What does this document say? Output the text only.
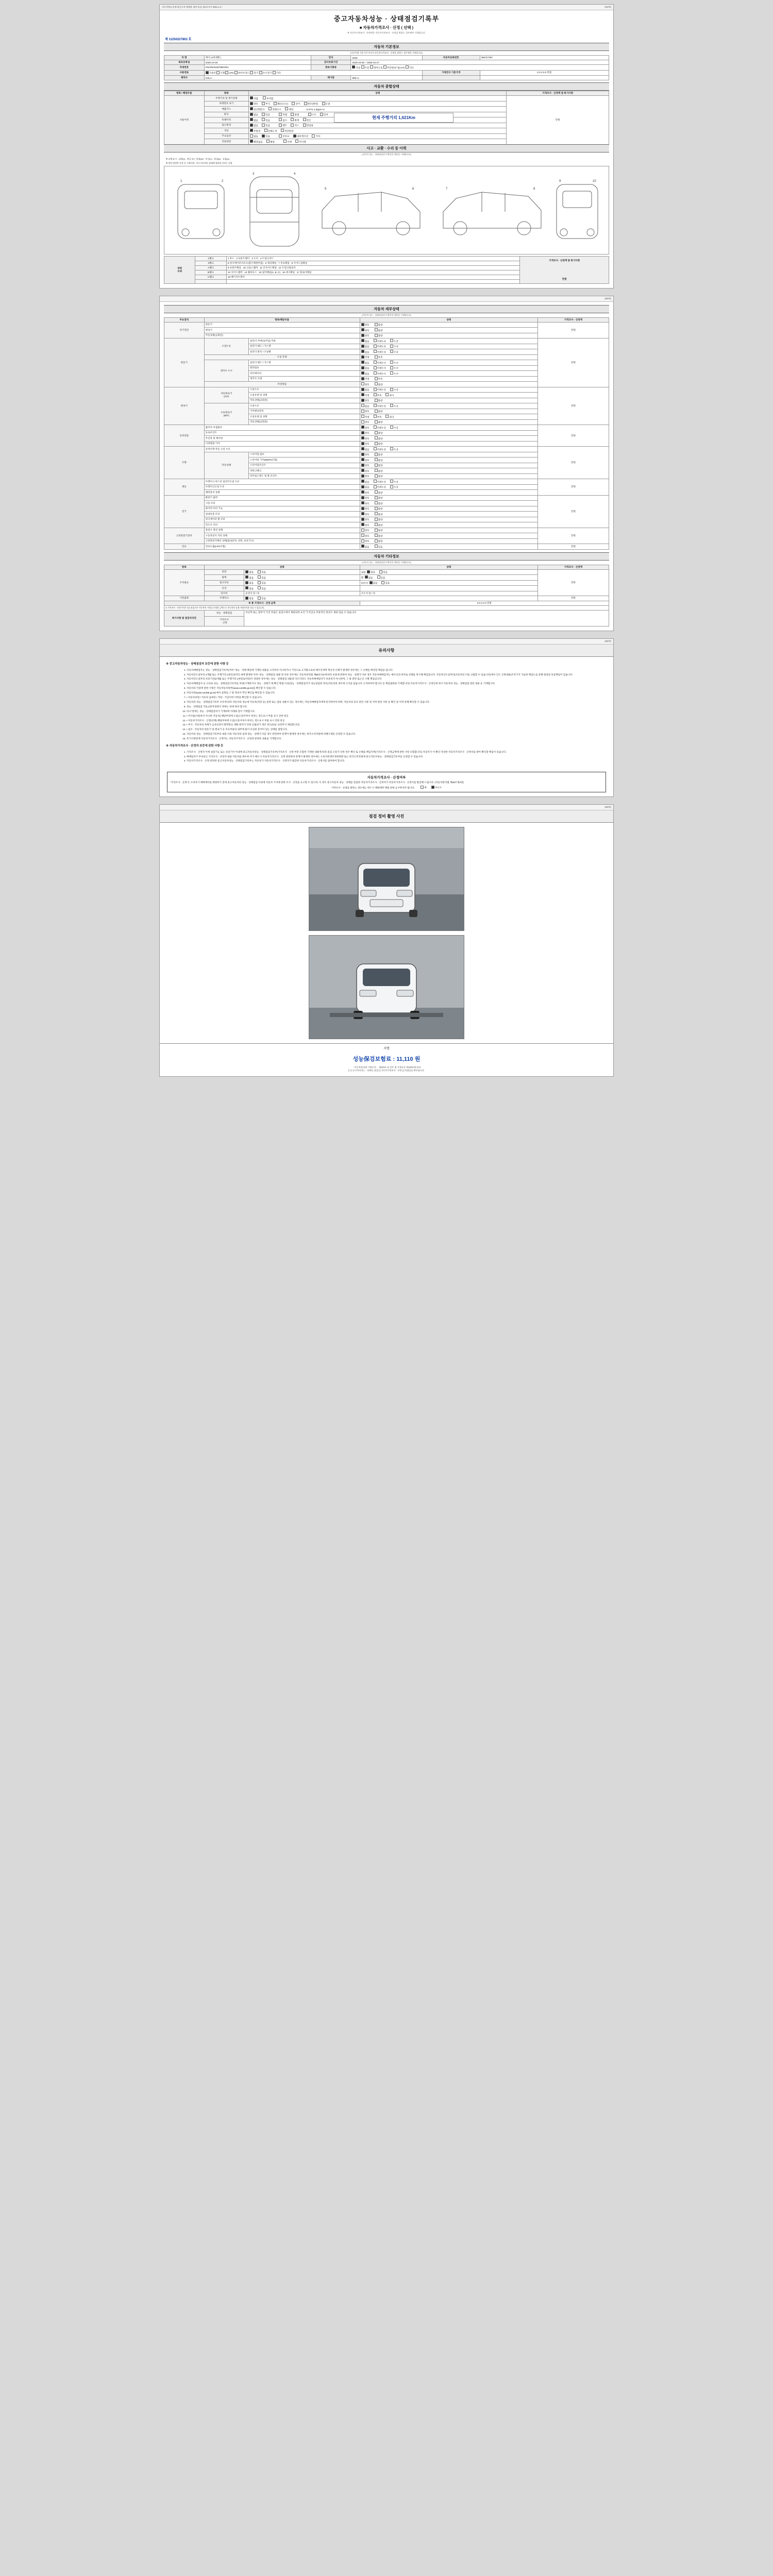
자동차양도증명서(중고차 매매용 첨부서류) 제1호서식 2021.1.1~	(1/4쪽)
중고자동차성능 · 상태점검기록부
■ 자동차가격조사 · 산정 ( 선택 )
※ 자동차가격조사 · 산정액은 자동차가격조사 · 산정을 원하는 경우에만 기재합니다.
제 11250227803 호
자동차 기본정보
(자동차법 가종가격 부속의 자동차가격조사 · 산정을 원하는 경우에만 기재합니다)
차 명	레이 (4세대밴 )	연식	2026	자동차등록번호	365로7397
최초등록일	2025-10-28	검사유효기간	2025-10-28 ~ 2030-10-27		
차대번호	KNADK611BT9E0291	변속기종류	자동 수동 세미오토 무단변속기(CVT) 기타		
사용연료	가솔린 디젤 LPG 하이브리드 전기 수소전기 기타			기재연식 기준가격	0 0 0 0 0 만원
제작사	GSLA	배기량	998 cc		
자동차 종합상태
항목 / 해당부품	항목	상태	가격조사 · 산정액 및 특기사항
사용이력	주행거리 및 계기상태	적합 부적합	만원
	차대번호 표기	양호 부식 훼손(오손) 상이 변조(변타) 도말	
	배출가스	일산화탄소 탄화수소 매연 0.07% 1.0ppm %	
	튜닝	없음 있음 적법 불법 구조 장치	
	특별이력	없음 있음 침수 화재 전손	
	용도변경	없음 있음 렌트 리스 영업용	
	색상	무변경 전체도색 색상변경	
	주요옵션	없음 있음 선루프 내비게이션 기타	
	리콜대상	해당없음 해당 이행 미이행	
현재 주행거리 1,621Km
사고 · 교환 · 수리 등 이력
(자동차 성능 · 상태점검자가 확인한 내용을 기재합니다)
※ 교체 표시 : 교환(X) · 판금 또는 용접(W) · 부식(C) · 흠집(A) · 요철(U)
※ 하단 단면부 손상 등 기재사항, 기타 자동차의 상태에 영향을 미치는 사항
1	2
3	4
5	6	7	8
9	10
외판
부위	1랭크	1 후드 2 프론트펜더 3 도어 4 트렁크리드	
가격조사 · 산정액 및 특기사항
만원

	2랭크	5 라디에이터서포트(볼트체결부품) 6 쿼터패널 7 루프패널 8 사이드실패널	
	A랭크	9 프론트패널 10 크로스멤버 11 인사이드패널 12 트렁크플로어	
	B랭크	13 사이드멤버 14 휠하우스 15 필러패널(A, B, C) 16 대시패널 17 플로어패널	
	C랭크	18 패키지트레이	

(2/4쪽)
자동차 세부상태
(자동차 성능 · 상태점검자가 확인한 내용을 기재합니다)
주요장치	항목/해당부품		상태	가격조사 · 산정액
자기진단	원동기		양호 불량	만원
	변속기		양호 불량	
	작동상태(공회전)		양호 불량	
원동기	오일누유	실린더 커버(로커암) 카바	없음 미세누유 누유	만원
		실린더 헤드 / 가스켓	없음 미세누유 누유	
		실린더 블록 / 오일팬	없음 미세누유 누유	
	오일 유량		적정 부족	
	냉각수 누수	실린더 헤드 / 가스켓	없음 미세누수 누수	
		워터펌프	없음 미세누수 누수	
		라디에이터	없음 미세누수 누수	
		냉각수 수량	적정 부족	
	커먼레일		양호 불량	
변속기	자동변속기
(A/T)	오일누유	없음 미세누유 누유	만원
		오일유량 및 상태	적정 부족 과다	
		작동상태(공회전)	양호 불량	
	수동변속기
(M/T)	오일누유	없음 미세누유 누유	
		기어변속장치	양호 불량	
		오일유량 및 상태	적정 부족 과다	
		작동상태(공회전)	양호 불량	
동력전달	클러치 어셈블리		양호 미세누유 누유	만원
	등속조인트		양호 불량	
	추진축 및 베어링		양호 불량	
	디퍼렌셜 기어		양호 불량	
조향	동력조향 작동 오일 누유		없음 미세누유 누유	만원
	작동상태	스티어링 펌프	양호 불량	
		스티어링 기어(MDPS포함)	양호 불량	
		스티어링조인트	양호 불량	
		파워크랭크	양호 불량	
		타이로드엔드 및 볼 조인트	양호 불량	
제동	브레이크 마스터 실린더오일 누유		없음 미세누유 누유	만원
	브레이크오일 누유		없음 미세누유 누유	
	배력장치 상태		양호 불량	
전기	발전기 출력		양호 불량	만원
	시동 모터		양호 불량	
	와이퍼 모터 기능		양호 불량	
	실내송풍 모터		양호 불량	
	라디에이터 팬 모터		양호 불량	
	윈도우 모터		양호 불량	
고전원전기장치	충전구 절연 상태		양호 불량	만원
	구동축전지 격리 상태		양호 불량	
	고전원전기배선 상태(접속단자, 피복, 보호기구)		양호 불량	
연료	연료누출(LPG포함)		없음 있음	만원
자동차 기타정보
(자동차 성능 · 상태점검자가 확인한 내용을 기재합니다)
항목	상태		상태	가격조사 · 산정액
수리필요	외장	없음 있음	내장 없음 있음	만원
	광택	없음 있음	휠 없음 있음	
	룸크리닝	없음 있음	타이어 없음 있음	
	유리	없음 있음		
	타이어	운전석 앞 / 뒤	조수석 앞 / 뒤	
기본품목	브레이크	없음 있음		만원
※ 총 가격조사 · 산정 금액			0 0 0 0 0 만원	
※ 가격조사 · 산정가격은 성능점검자가 자동차의 가치를 산정한 금액으로 자동차의 실제 거래가격과 다를 수 있습니다.				
특기사항 및 점검자의견	성능 · 상태점검	비공학 또는 할부가 가진 부품은 점검시에서 제외되며 요건 가 특급규 부분적인 현상도 제외 있을 수 있습니다.		
	가격조사
· 산정			

(3/4쪽)
유의사항
※ 중고자동차성능 · 상태점검자 보증에 관한 사항 등
1. 자동차매매업자는 성능 · 상태점검기록부(이하 "성능 · 상태 책임에 기재된 내용을 고지하지 아니하거나 거짓으로 고지함으로써 매수인에게 재산상 손해가 발생한 경우에는 그 손해를 배상할 책임을 집니다.
2. 자동차인도일부터 2개월 또는 주행거리 2천킬로미터 내에 발생한 이하 "성능 · 상태점검 내용"과 다른 경우에는 자동차관리법 제58조의4에 따라 보증에 관하여 성능 · 상태가 다른 경우 자동차매매업자는 매수인의 하자로 상태를 복구해 책임집니다. 자동차인도일부터(자동차의 이를 산출할 수 있습니다)에서 인도 산정내용(조작가지 기술한 책임도를 통해 원내상 보증책임이 있습니다.
3. 자동차인도일부터 보증기간(2개월 또는 주행거리 2천킬로미터)이 경과한 경우에는 성능 · 상태점검 내용과 다르더라도 자동차매매업자가 보증하지 아니하며, 그 밖 관련 또는인 구별 책임입니다.
4. 자동차매매업자 등 고의로 성능 · 상태점검기록부를 허위(기재하거나 성능 · 상태가 제 확인 방법 이상(성능 · 상태점검자가 성능점검한 경우(자동차의 경우에 고지를 않습니다 고지하여야 합니다 등 책임범위와 기재합니다) 자동차가격조사 · 산정인에 차이 자동차의 성능 · 상태점검 관련 내용 등 기재합니다.
5. 자동차의 이중에 관한 사항은 자동차등록원부(www.car365.go.kr)를 확인할 수 있습니다.
6. 자동차의(www.car365.go.kr)에서 실제로 그 밖 정보이 학인 확인을 확인할 수 있습니다.
7. • 자동차보험 / 자동차 납세증 / 저당 · 가입이력 이력을 확인할 수 있습니다.
8. 자동차의 성능 · 상태점검기록부 수록에 따라 자동차의 성능에 자동차(저당 등) 설정 또는 압류 내용이 있는 경우에는 자동차매매업자에게 통지하여야 하며, 자동차의 등록 관련 서류 및 이력 관련 사항 등 확인 및 이력 통해 확인할 수 있습니다.
9. 성능 · 상태점검 국토교통부장관이 정하는 바에 따라 합니다.
10. 비고"란에는 성능 · 상태점검자가 기재하며 아래와 같이 기재합니다.
11. • 미사용(사용하지 아니한 자동차) 해당부위에 오일(오일이야이 위치는 정도표시 부품 표시 진한 항공
12. • 자동차가격조사 · 산정(선택) 해당부위에 오일(오일이야이 위치는 정도표시 부품 표시 진한 항공
13. • 부식 : 자동차의 차체가 금속표면이 화학반응 대화 원자가 다량 산출되거 개선 정도(단순 표면부식 제외합니다)
14. • 침수 : 자동차의 원동기 및 변속기 등 주요부품의 내부에 물이 유입된 흔적이 있는 상태를 말합니다.
15. 자동차의 성능 · 상태점검기록부의 내용 이외 자동차의 실제 성능 · 상태가 다를 경우 관련하여 분쟁이 발생한 경우에는 한국소비자원에 피해구제를 신청할 수 있습니다.
16. 특기사항란에 자동차가격조사 · 산정자는 자동차가격조사 · 산정과 관련한 내용을 기재합니다.
※ 자동차가격조사 · 산정자 보증에 관한 사항 등
1. 가격조사 · 산정자 이에 실질기능 또는 보증기이 아내에 중고자동차성능 · 상태점검기록부(가격조사 · 산정 부분 포함한 기재한 내용에 따라 점검 오류가 인한 경우 확인 또 손해를 책임지며(가격조사 · 산정금액에 관한 사항 포함합니다) 자동차가 이 확인 작성한 자동차가격조사 · 산정서를 받아 확인할 책임이 있습니다.
2. 매매업자가 부속되고 가격조사 · 산정자 내용 자동차를 매수한 자가 매도시 자동차가격조사 · 산정 관련하여 분쟁이 발생한 경우에는 소비자분쟁조정위원회 또는 한국소비자원에 중고자동차성능 · 상태점검기록부를 신청할 수 있습니다.
3. 자동차가격조사 · 산정 관련한 중고자동차성능 · 상태점검기록부는 자동차가 자동차가격조사 · 산정자가 발급한 자동차가격조사 · 산정서를 첨부하여 합니다.
자동차가격조사 · 산정여부
"가격조사 · 산정"은 소비자가 매매계약을 체결하기 전에 중고자동차의 성능 · 상태점검 이외에 자동차 가격에 관한 조사 · 산정을 요구할 수 있으며, 이 경우 중고자동차 성능 · 상태를 점검한 자동차가격조사 · 산정자가 자동차가격조사 · 산정서를 발급해 드립니다. (자동차관리법 제58조제4항)
가격조사 · 산정을 원하는 경우에는 반드시 매매계약 체결 전에 요구하셔야 합니다.	예	아니오

(4/4쪽)
점검 정비 촬영 사진
서명
성능保검보험료 : 11,110 원
「자동차관리법 시행규칙」 제120조 및 같은 법 시행규칙 제120조에 따라
[ 1 ] 중고차의성능 · 상태를 점검 [ ] 자동차가격조사 · 산정 [ ] 하였음을 확인합니다.
